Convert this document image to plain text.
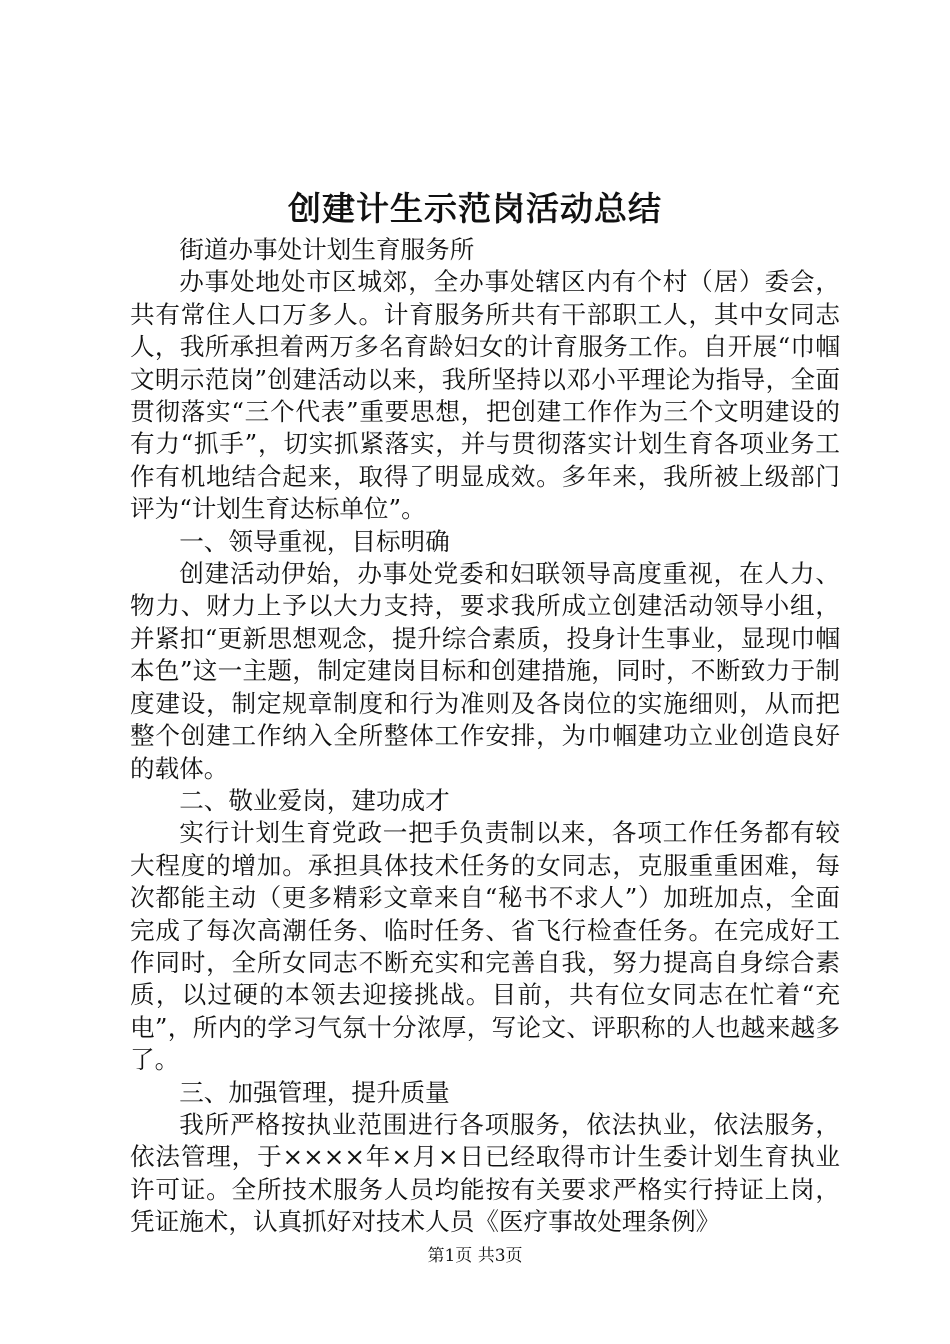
创建计生示范岗活动总结

街道办事处计划生育服务所

办事处地处市区城郊，全办事处辖区内有个村（居）委会，共有常住人口万多人。计育服务所共有干部职工人，其中女同志人，我所承担着两万多名育龄妇女的计育服务工作。自开展“巾帼文明示范岗”创建活动以来，我所坚持以邓小平理论为指导，全面贯彻落实“三个代表”重要思想，把创建工作作为三个文明建设的有力“抓手”，切实抓紧落实，并与贯彻落实计划生育各项业务工作有机地结合起来，取得了明显成效。多年来，我所被上级部门评为“计划生育达标单位”。

一、领导重视，目标明确

创建活动伊始，办事处党委和妇联领导高度重视，在人力、物力、财力上予以大力支持，要求我所成立创建活动领导小组，并紧扣“更新思想观念，提升综合素质，投身计生事业，显现巾帼本色”这一主题，制定建岗目标和创建措施，同时，不断致力于制度建设，制定规章制度和行为准则及各岗位的实施细则，从而把整个创建工作纳入全所整体工作安排，为巾帼建功立业创造良好的载体。

二、敬业爱岗，建功成才

实行计划生育党政一把手负责制以来，各项工作任务都有较大程度的增加。承担具体技术任务的女同志，克服重重困难，每次都能主动（更多精彩文章来自“秘书不求人”）加班加点，全面完成了每次高潮任务、临时任务、省飞行检查任务。在完成好工作同时，全所女同志不断充实和完善自我，努力提高自身综合素质，以过硬的本领去迎接挑战。目前，共有位女同志在忙着“充电”，所内的学习气氛十分浓厚，写论文、评职称的人也越来越多了。

三、加强管理，提升质量

我所严格按执业范围进行各项服务，依法执业，依法服务，依法管理，于××××年×月×日已经取得市计生委计划生育执业许可证。全所技术服务人员均能按有关要求严格实行持证上岗，凭证施术，认真抓好对技术人员《医疗事故处理条例》

第1页 共3页
